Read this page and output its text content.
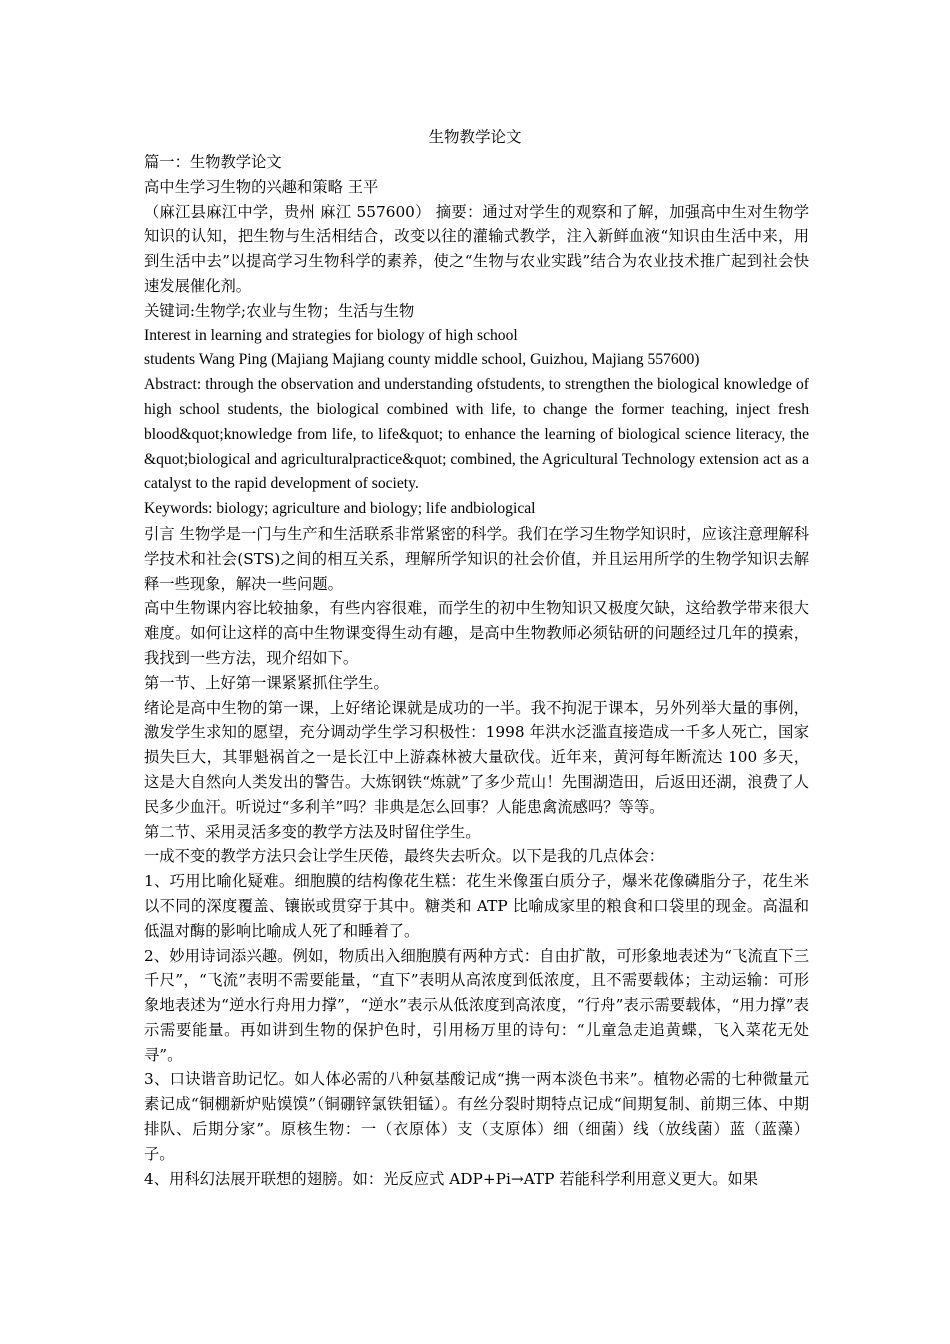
生物教学论文

篇一：生物教学论文

高中生学习生物的兴趣和策略 王平

（麻江县麻江中学，贵州 麻江 557600） 摘要：通过对学生的观察和了解，加强高中生对生物学知识的认知，把生物与生活相结合，改变以往的灌输式教学，注入新鲜血液“知识由生活中来，用到生活中去”以提高学习生物科学的素养，使之“生物与农业实践”结合为农业技术推广起到社会快速发展催化剂。

关键词:生物学;农业与生物；生活与生物

Interest in learning and strategies for biology of high school

students Wang Ping (Majiang Majiang county middle school, Guizhou, Majiang 557600)

Abstract: through the observation and understanding ofstudents, to strengthen the biological knowledge of high school students, the biological combined with life, to change the former teaching, inject fresh blood&quot;knowledge from life, to life&quot; to enhance the learning of biological science literacy, the &quot;biological and agriculturalpractice&quot; combined, the Agricultural Technology extension act as a catalyst to the rapid development of society.

Keywords: biology; agriculture and biology; life andbiological

引言 生物学是一门与生产和生活联系非常紧密的科学。我们在学习生物学知识时，应该注意理解科学技术和社会(STS)之间的相互关系，理解所学知识的社会价值，并且运用所学的生物学知识去解释一些现象，解决一些问题。

高中生物课内容比较抽象，有些内容很难，而学生的初中生物知识又极度欠缺，这给教学带来很大难度。如何让这样的高中生物课变得生动有趣，是高中生物教师必须钻研的问题经过几年的摸索，我找到一些方法，现介绍如下。

第一节、上好第一课紧紧抓住学生。

绪论是高中生物的第一课，上好绪论课就是成功的一半。我不拘泥于课本，另外列举大量的事例，激发学生求知的愿望，充分调动学生学习积极性：1998 年洪水泛滥直接造成一千多人死亡，国家损失巨大，其罪魁祸首之一是长江中上游森林被大量砍伐。近年来，黄河每年断流达 100 多天，这是大自然向人类发出的警告。大炼钢铁“炼就”了多少荒山！先围湖造田，后返田还湖，浪费了人民多少血汗。听说过“多利羊”吗？非典是怎么回事？人能患禽流感吗？等等。

第二节、采用灵活多变的教学方法及时留住学生。

一成不变的教学方法只会让学生厌倦，最终失去听众。以下是我的几点体会：

1、巧用比喻化疑难。细胞膜的结构像花生糕：花生米像蛋白质分子，爆米花像磷脂分子，花生米以不同的深度覆盖、镶嵌或贯穿于其中。糖类和 ATP 比喻成家里的粮食和口袋里的现金。高温和低温对酶的影响比喻成人死了和睡着了。

2、妙用诗词添兴趣。例如，物质出入细胞膜有两种方式：自由扩散，可形象地表述为“飞流直下三千尺”，“飞流”表明不需要能量，“直下”表明从高浓度到低浓度，且不需要载体；主动运输：可形象地表述为“逆水行舟用力撑”，“逆水”表示从低浓度到高浓度，“行舟”表示需要载体，“用力撑”表示需要能量。再如讲到生物的保护色时，引用杨万里的诗句：“儿童急走追黄蝶，飞入菜花无处寻”。

3、口诀谐音助记忆。如人体必需的八种氨基酸记成“携一两本淡色书来”。植物必需的七种微量元素记成“铜棚新炉贴馍馍”（铜硼锌氯铁钼锰）。有丝分裂时期特点记成“间期复制、前期三体、中期排队、后期分家”。原核生物：一（衣原体）支（支原体）细（细菌）线（放线菌）蓝（蓝藻）子。

4、用科幻法展开联想的翅膀。如：光反应式 ADP+Pi→ATP 若能科学利用意义更大。如果
